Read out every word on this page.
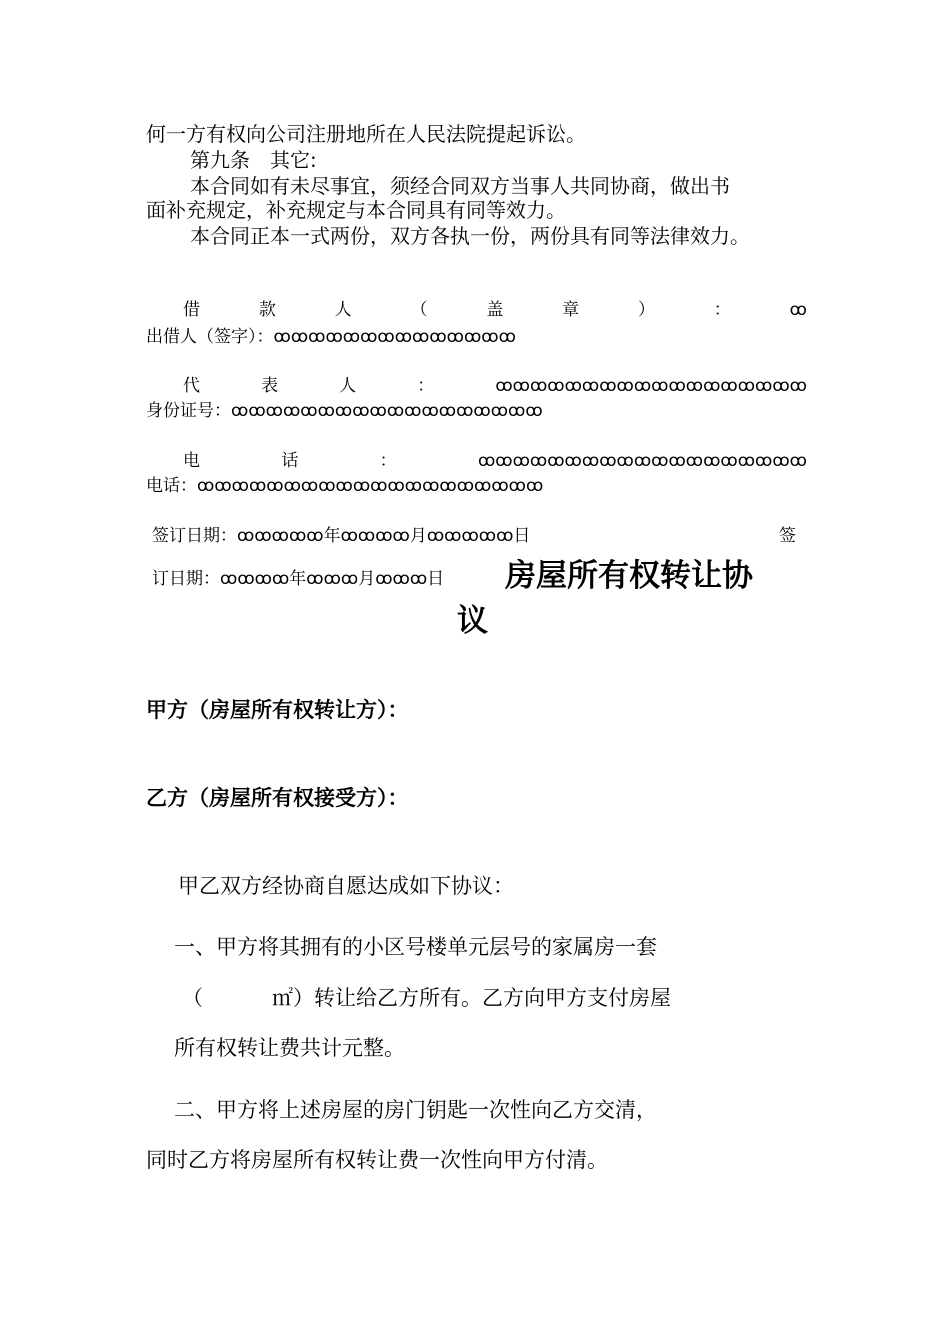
何一方有权向公司注册地所在人民法院提起诉讼。
第九条　其它:
本合同如有未尽事宜，须经合同双方当事人共同协商，做出书
面补充规定，补充规定与本合同具有同等效力。
本合同正本一式两份，双方各执一份，两份具有同等法律效力。
借	款	人	（	盖	章	）	：	ꝏ
出借人（签字）：ꝏꝏꝏꝏꝏꝏꝏꝏꝏꝏꝏꝏꝏꝏ
代	表	人	：	ꝏꝏꝏꝏꝏꝏꝏꝏꝏꝏꝏꝏꝏꝏꝏꝏꝏꝏ
身份证号：ꝏꝏꝏꝏꝏꝏꝏꝏꝏꝏꝏꝏꝏꝏꝏꝏꝏꝏ
电	话	：	ꝏꝏꝏꝏꝏꝏꝏꝏꝏꝏꝏꝏꝏꝏꝏꝏꝏꝏꝏ
电话：ꝏꝏꝏꝏꝏꝏꝏꝏꝏꝏꝏꝏꝏꝏꝏꝏꝏꝏꝏꝏ
签订日期：ꝏꝏꝏꝏꝏ年ꝏꝏꝏꝏ月ꝏꝏꝏꝏꝏ日	签
订日期：ꝏꝏꝏꝏ年ꝏꝏꝏ月ꝏꝏꝏ日 房屋所有权转让协
议
甲方（房屋所有权转让方）：
乙方（房屋所有权接受方）：
甲乙双方经协商自愿达成如下协议：
一、甲方将其拥有的小区号楼单元层号的家属房一套
（	㎡）转让给乙方所有。乙方向甲方支付房屋
所有权转让费共计元整。
二、甲方将上述房屋的房门钥匙一次性向乙方交清，
同时乙方将房屋所有权转让费一次性向甲方付清。
